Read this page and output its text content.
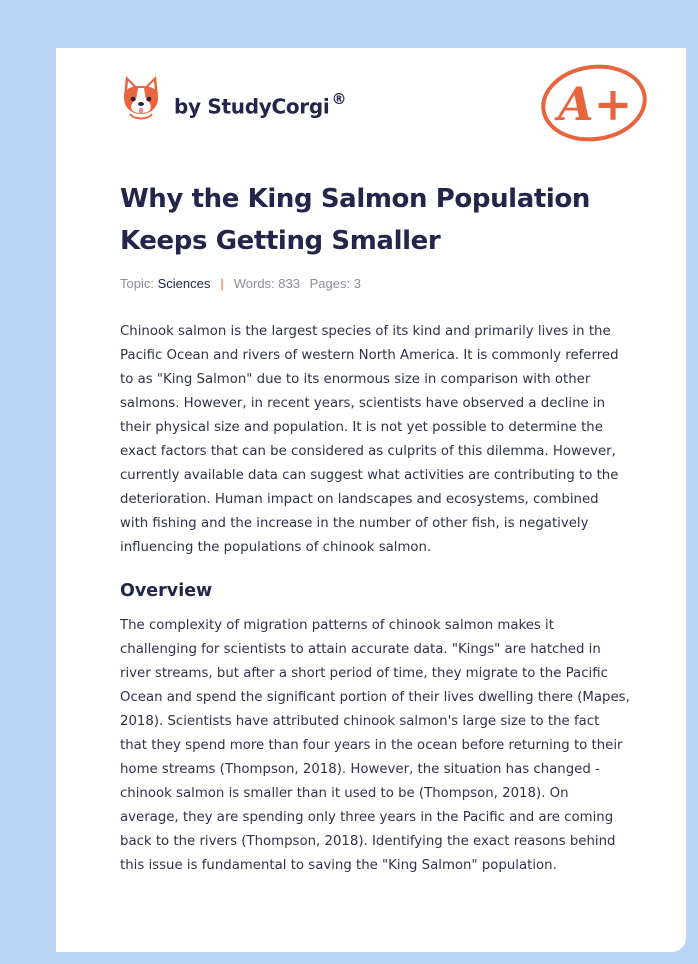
by StudyCorgi ®	A+
Why the King Salmon Population Keeps Getting Smaller
Topic: Sciences | Words: 833 Pages: 3

Chinook salmon is the largest species of its kind and primarily lives in the Pacific Ocean and rivers of western North America. It is commonly referred to as "King Salmon" due to its enormous size in comparison with other salmons. However, in recent years, scientists have observed a decline in their physical size and population. It is not yet possible to determine the exact factors that can be considered as culprits of this dilemma. However, currently available data can suggest what activities are contributing to the deterioration. Human impact on landscapes and ecosystems, combined with fishing and the increase in the number of other fish, is negatively influencing the populations of chinook salmon.

Overview

The complexity of migration patterns of chinook salmon makes it challenging for scientists to attain accurate data. "Kings" are hatched in river streams, but after a short period of time, they migrate to the Pacific Ocean and spend the significant portion of their lives dwelling there (Mapes, 2018). Scientists have attributed chinook salmon's large size to the fact that they spend more than four years in the ocean before returning to their home streams (Thompson, 2018). However, the situation has changed - chinook salmon is smaller than it used to be (Thompson, 2018). On average, they are spending only three years in the Pacific and are coming back to the rivers (Thompson, 2018). Identifying the exact reasons behind this issue is fundamental to saving the "King Salmon" population.
